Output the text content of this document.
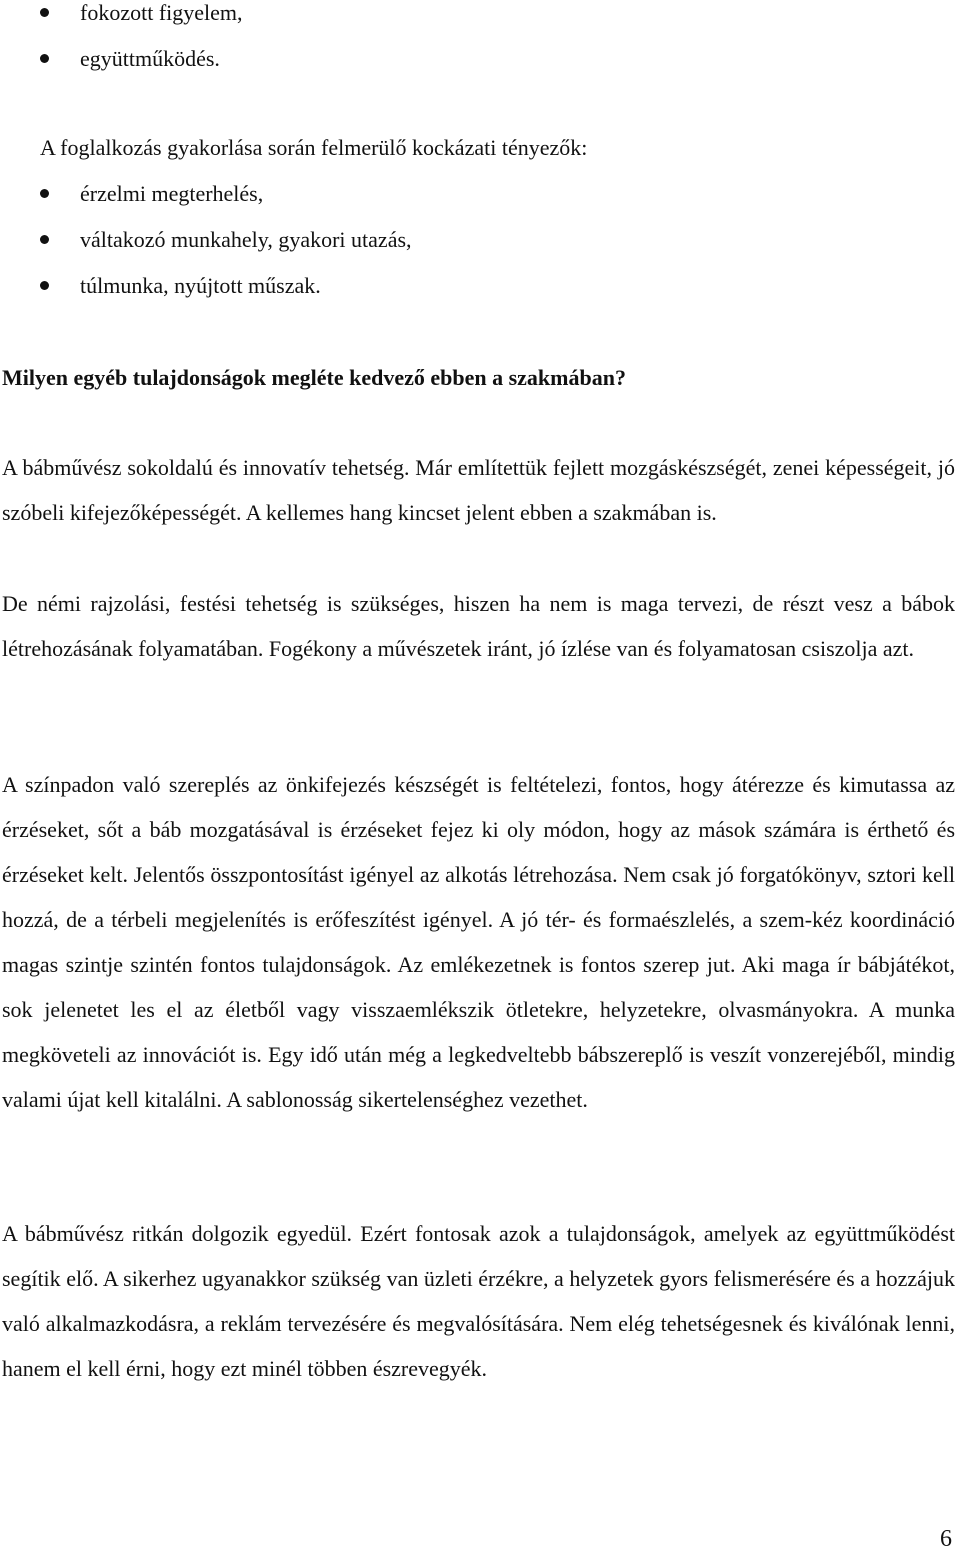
fokozott figyelem,
együttműködés.

A foglalkozás gyakorlása során felmerülő kockázati tényezők:

érzelmi megterhelés,
váltakozó munkahely, gyakori utazás,
túlmunka, nyújtott műszak.

Milyen egyéb tulajdonságok megléte kedvező ebben a szakmában?

A bábművész sokoldalú és innovatív tehetség. Már említettük fejlett mozgáskészségét, zenei képességeit, jó szóbeli kifejezőképességét. A kellemes hang kincset jelent ebben a szakmában is.

De némi rajzolási, festési tehetség is szükséges, hiszen ha nem is maga tervezi, de részt vesz a bábok létrehozásának folyamatában. Fogékony a művészetek iránt, jó ízlése van és folyamatosan csiszolja azt.

A színpadon való szereplés az önkifejezés készségét is feltételezi, fontos, hogy átérezze és kimutassa az érzéseket, sőt a báb mozgatásával is érzéseket fejez ki oly módon, hogy az mások számára is érthető és érzéseket kelt. Jelentős összpontosítást igényel az alkotás létrehozása. Nem csak jó forgatókönyv, sztori kell hozzá, de a térbeli megjelenítés is erőfeszítést igényel. A jó tér- és formaészlelés, a szem-kéz koordináció magas szintje szintén fontos tulajdonságok. Az emlékezetnek is fontos szerep jut. Aki maga ír bábjátékot, sok jelenetet les el az életből vagy visszaemlékszik ötletekre, helyzetekre, olvasmányokra. A munka megköveteli az innovációt is. Egy idő után még a legkedveltebb bábszereplő is veszít vonzerejéből, mindig valami újat kell kitalálni. A sablonosság sikertelenséghez vezethet.

A bábművész ritkán dolgozik egyedül. Ezért fontosak azok a tulajdonságok, amelyek az együttműködést segítik elő. A sikerhez ugyanakkor szükség van üzleti érzékre, a helyzetek gyors felismerésére és a hozzájuk való alkalmazkodásra, a reklám tervezésére és megvalósítására. Nem elég tehetségesnek és kiválónak lenni, hanem el kell érni, hogy ezt minél többen észrevegyék.

6
